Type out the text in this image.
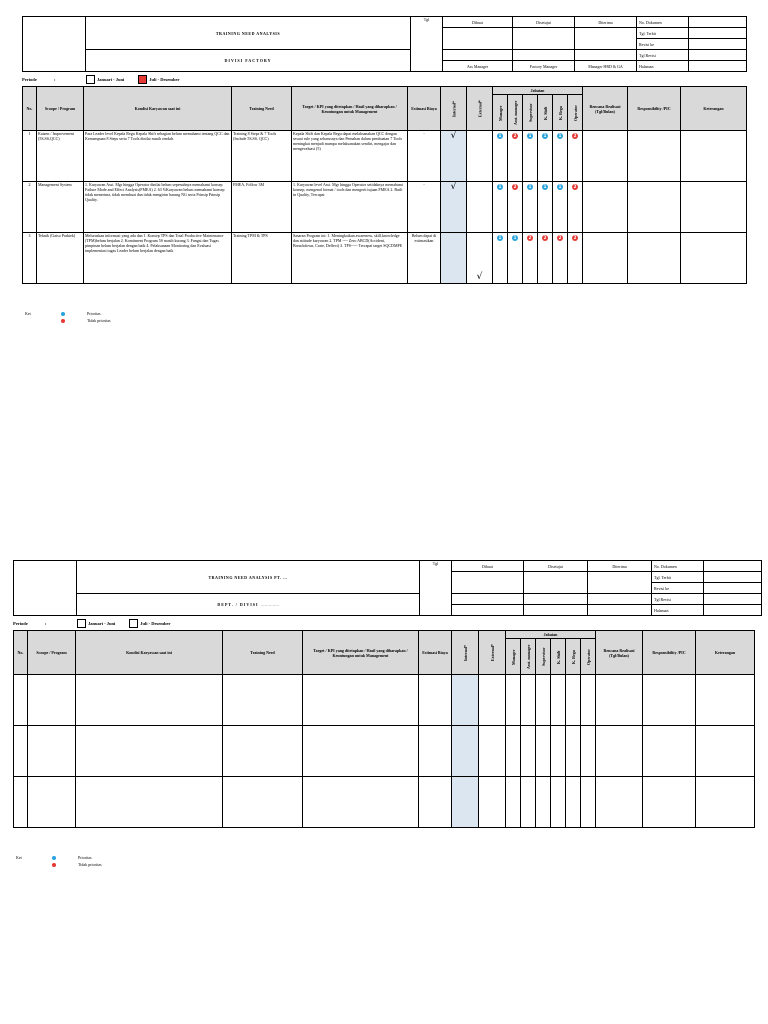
	TRAINING NEED ANALYSIS	Tgl	Dibuat	Disetujui	Diterima	No. Dokumen	
						Tgl. Terbit	
						Revisi ke	
	DIVISI FACTORY					Tgl Revisi	
			Ass Manager	Factory Manager	Manager HRD & GA	Halaman	
Periode	:	Januari - Juni	Juli - Desember
No.	Scoope / Program	Kondisi Karyawan saat ini	Training Need	Target / KPI yang ditetapkan / Hasil yang diharapkan / Keuntungan untuk Management	Estimasi Biaya	Internal*	External*	Jabatan						Rencana Realisasi (Tgl/Bulan)	Responsibility /PIC	Keterangan
								Manager	Asst. manager	Supervisor	K. Shift	K. Regu	Operator			
1	Kaizen / Improvement (5S,SS,QCC)	Para Leader level Kepala Regu Kepala Shift sebagian belum memahami tentang QCC dan Kemampuan 8 Steps serta 7 Tools dinilai masih rendah.	Training 8 Steps & 7 Tools (Include 5S,SS, QCC)	Kepala Shift dan Kepala Regu dapat melaksanakan QCC dengan sesuai rule yang seharusnya dan Pemahan dalam pembuatan 7 Tools meningkat menjadi mampu melaksanakan sendiri, mengajar dan mengevaluasi (5)	-	√		1	2	1	1	1	2			
2	Management System	1. Karyawan Asst. Mgr hingga Operator dinilai belum sepenuhnya memahami konsep Failure Mode and Effect Analysis(FMEA) 2. 63 %Karyawan belum memahami konsep tidak menerima, tidak membuat dan tidak mengirim barang NG serta Prinsip Prinsip Quality.	FMEA, Follow 3M	1. Karyawan level Asst. Mgr hingga Operator setidaknya memahami konsep, mengenal format / tools dan mengerti tujuan FMEA 2. Built in Quality, Tercapai	-	√		1	2	1	1	1	2			
3	Teknik (Gaiso Praktek)	Meluruskan informasi yang ada dan 1. Konsep TPS dan Total Productive Maintenance (TPM)belum berjalan 2. Komitment Program 5S masih kurang 3. Fungsi dan Tugas pimpinan belum berjalan dengan baik 4. Pelaksanaan Monitoring dan Evaluasi implementasi tugas Leader belum berjalan dengan baik	Training TPM & TPS	Sasaran Program ini: 1. Meningkatkan awareness, skill,knowledge dan attitude karyawan 2. TPM ---- Zero ABCD(Accident, Breackdown, Crate, Deffect) 3. TPS----- Tercapai target SQCDMPE	Belum dapat di estimasikan		√	1	1	2	2	2	2			
Ket	Prioritas
Tidak prioritas
	TRAINING NEED ANALYSIS PT. ...	Tgl	Dibuat	Disetujui	Diterima	No. Dokumen	
						Tgl. Terbit	
						Revisi ke	
	DEPT. / DIVISI …………..					Tgl Revisi	
						Halaman	
Periode	:	Januari - Juni	Juli - Desember
No.	Scoope / Program	Kondisi Karyawan saat ini	Training Need	Target / KPI yang ditetapkan / Hasil yang diharapkan / Keuntungan untuk Management	Estimasi Biaya	Internal*	External*	Jabatan						Rencana Realisasi (Tgl/Bulan)	Responsibility /PIC	Keterangan
								Manager	Asst. manager	Supervisor	K. Shift	K. Regu	Operator			

Ket	Prioritas
Tidak prioritas
